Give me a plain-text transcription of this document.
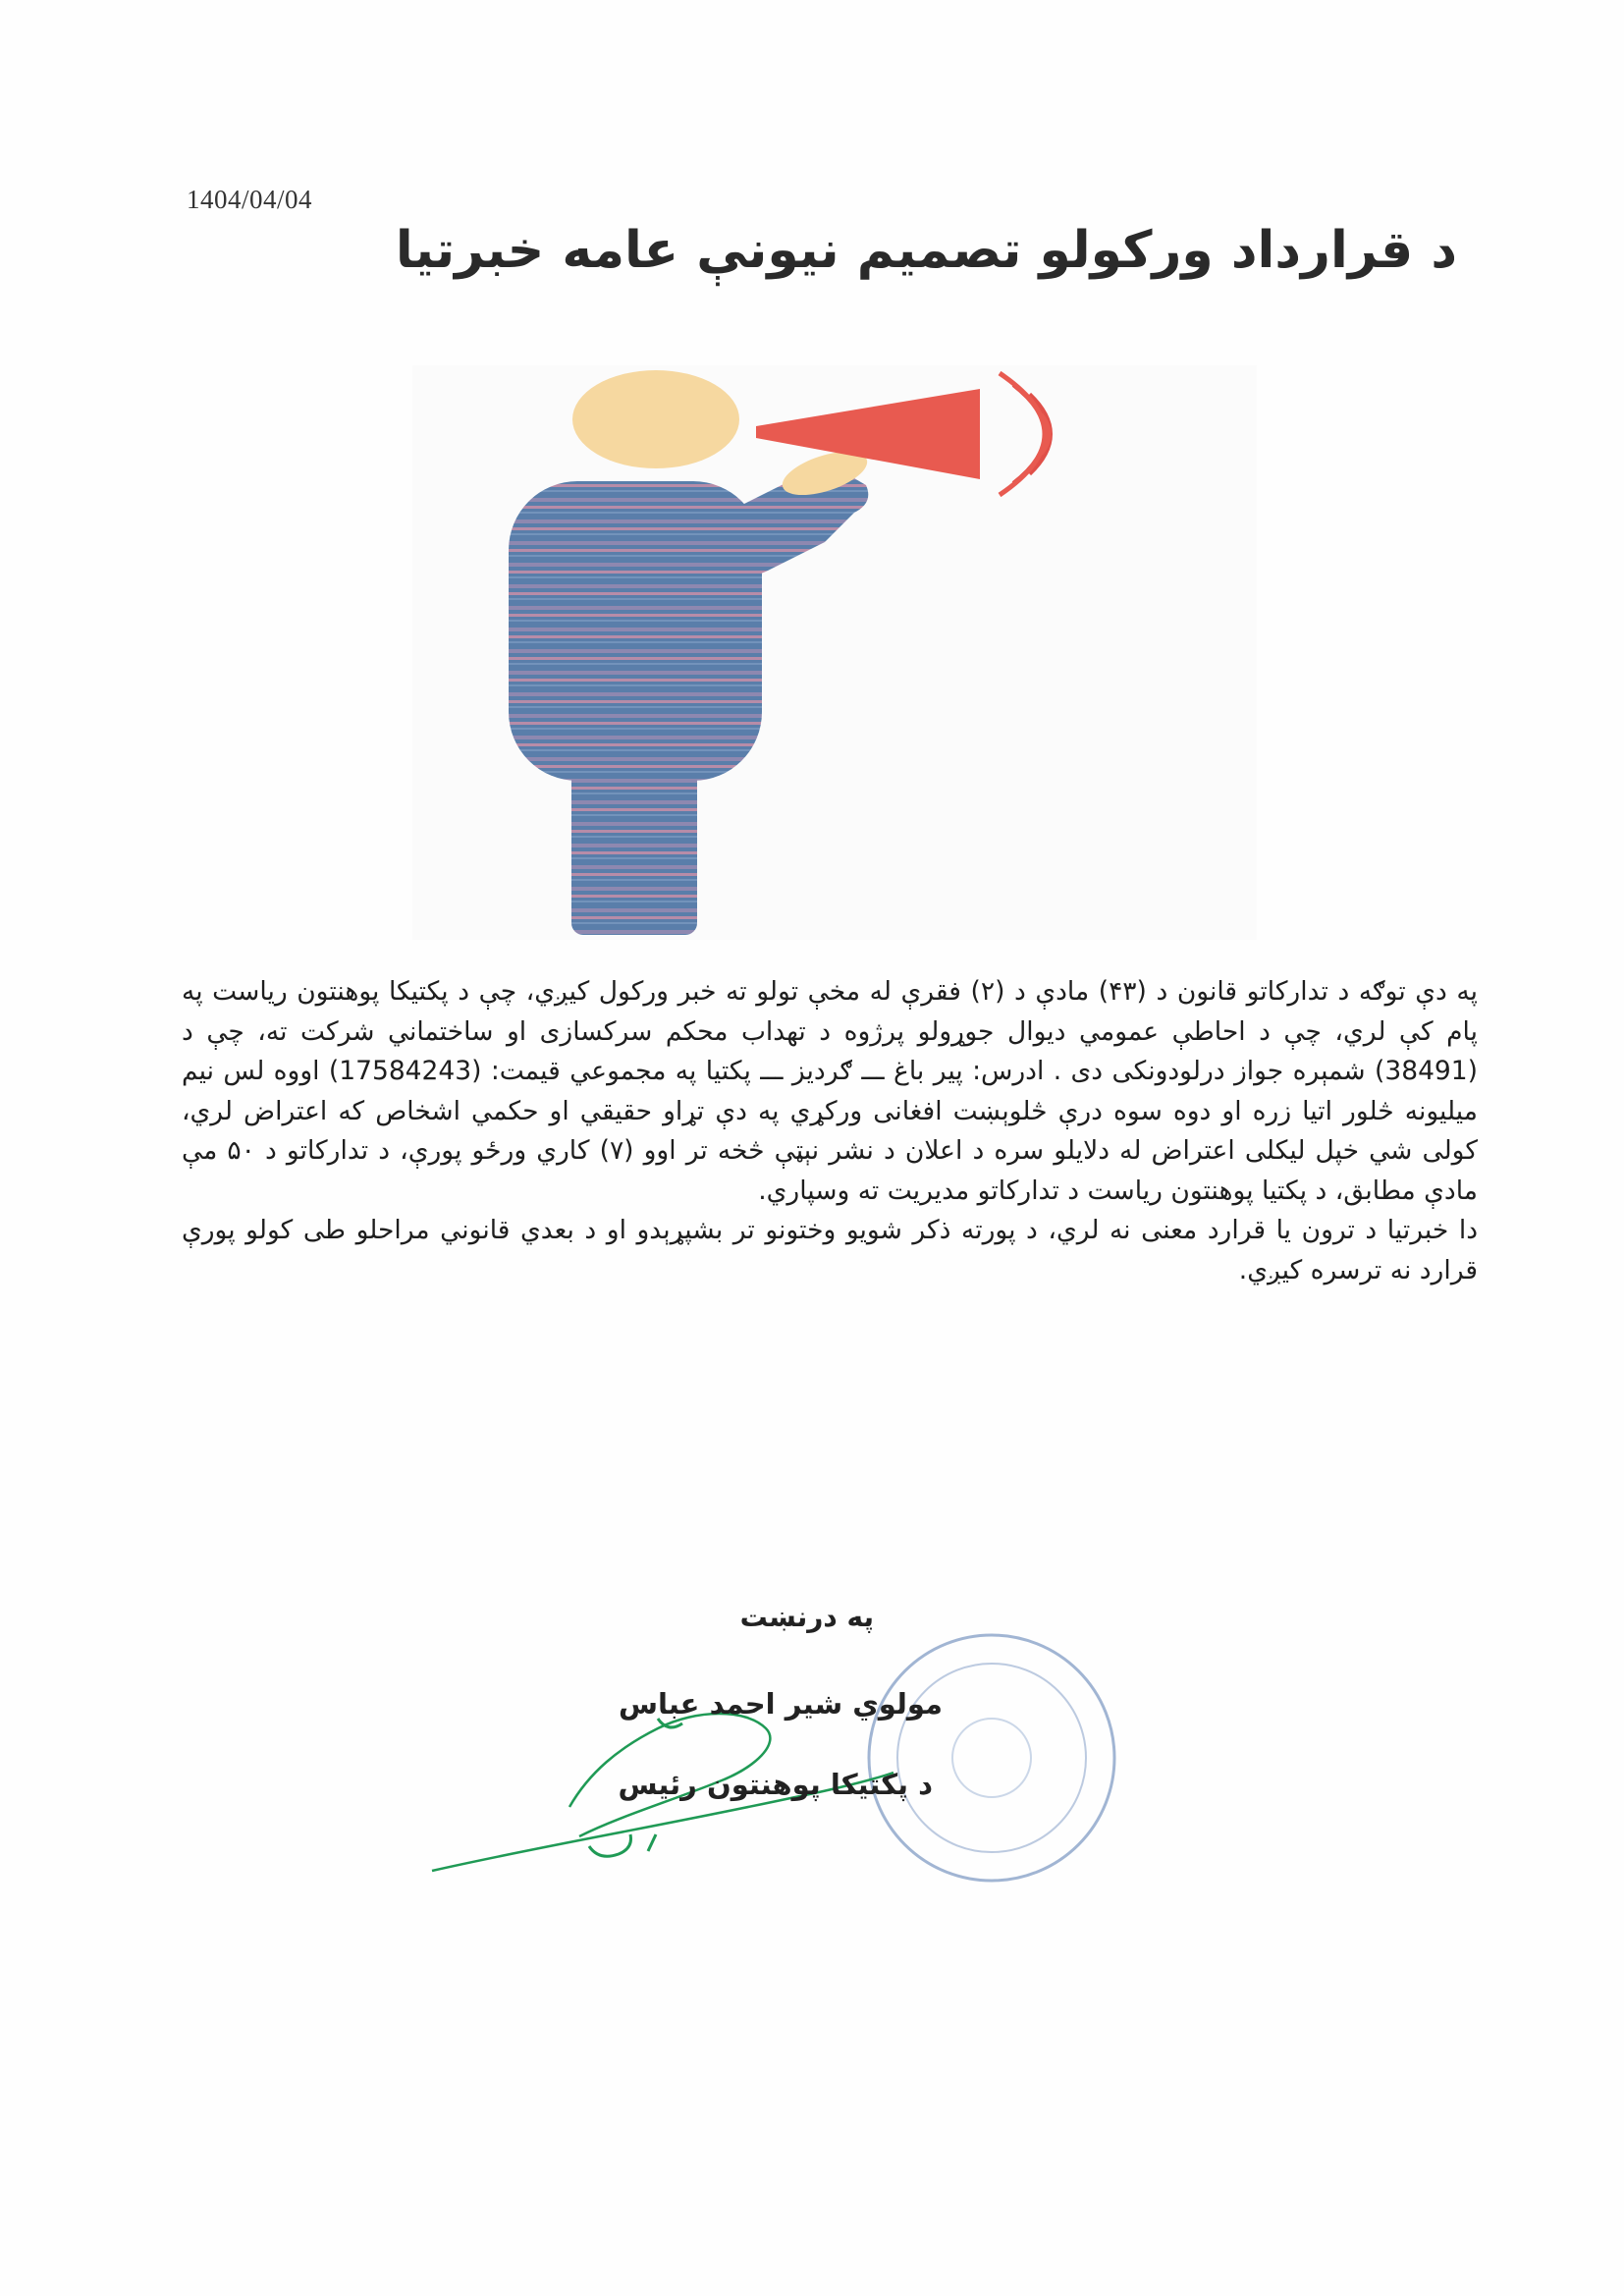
1404/04/04
د قرارداد ورکولو تصمیم نیونې عامه خبرتیا

په دې توګه د تدارکاتو قانون د (۴۳) مادې د (۲) فقرې له مخې تولو ته خبر ورکول کیږي، چې د پکتیکا پوهنتون ریاست په پام کې لري، چې د احاطې عمومي دیوال جوړولو پرژوه د تهداب محکم سرکسازی او ساختماني شرکت ته، چې د (38491) شمېره جواز درلودونکی دی . ادرس: پیر باغ ـــ ګردیز ـــ پکتیا په مجموعي قیمت: (17584243) اووه لس نیم میلیونه څلور اتیا زره او دوه سوه درې څلوېښت افغانی ورکړي په دې تړاو حقیقي او حکمي اشخاص که اعتراض لري، کولی شي خپل لیکلی اعتراض له دلایلو سره د اعلان د نشر نېټې څخه تر اوو (۷) کاري ورځو پورې، د تدارکاتو د ۵۰ مې مادې مطابق، د پکتیا پوهنتون ریاست د تدارکاتو مدیریت ته وسپاري.

دا خبرتیا د ترون یا قرارد معنی نه لري، د پورته ذکر شویو وختونو تر بشپړېدو او د بعدي قانوني مراحلو طی کولو پورې قرارد نه ترسره کیږي.

په درنښت
مولوي شیر احمد عباس
د پکتیکا پوهنتون رئیس
